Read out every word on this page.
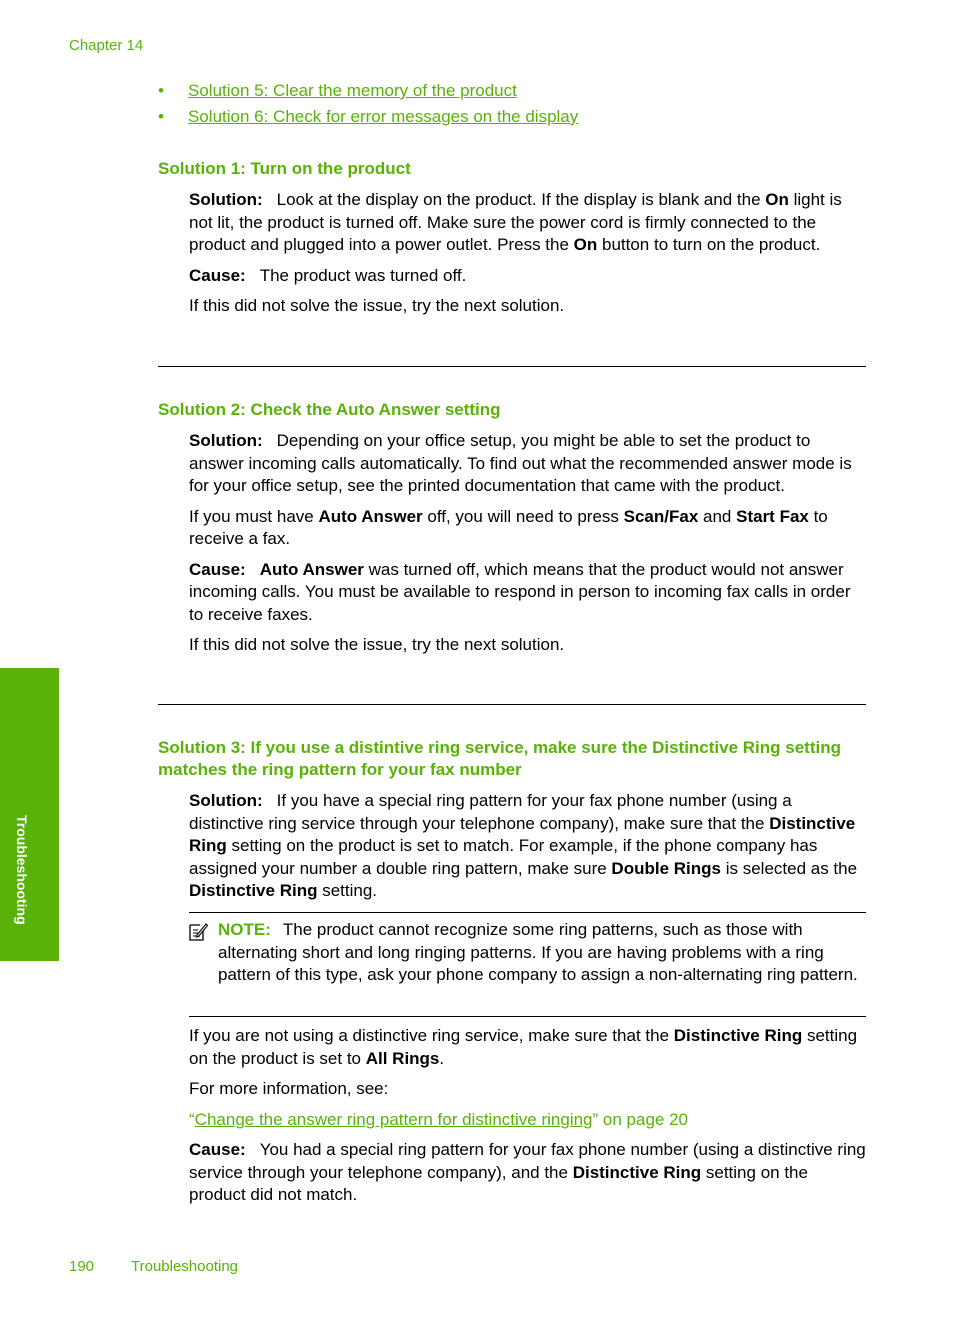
Chapter 14
•	Solution 5: Clear the memory of the product
•	Solution 6: Check for error messages on the display
Solution 1: Turn on the product

Solution: Look at the display on the product. If the display is blank and the On light is not lit, the product is turned off. Make sure the power cord is firmly connected to the product and plugged into a power outlet. Press the On button to turn on the product.

Cause: The product was turned off.

If this did not solve the issue, try the next solution.

Solution 2: Check the Auto Answer setting

Solution: Depending on your office setup, you might be able to set the product to answer incoming calls automatically. To find out what the recommended answer mode is for your office setup, see the printed documentation that came with the product.

If you must have Auto Answer off, you will need to press Scan/Fax and Start Fax to receive a fax.

Cause: Auto Answer was turned off, which means that the product would not answer incoming calls. You must be available to respond in person to incoming fax calls in order to receive faxes.

If this did not solve the issue, try the next solution.

Solution 3: If you use a distintive ring service, make sure the Distinctive Ring setting matches the ring pattern for your fax number

Solution: If you have a special ring pattern for your fax phone number (using a distinctive ring service through your telephone company), make sure that the Distinctive Ring setting on the product is set to match. For example, if the phone company has assigned your number a double ring pattern, make sure Double Rings is selected as the Distinctive Ring setting.

NOTE: The product cannot recognize some ring patterns, such as those with alternating short and long ringing patterns. If you are having problems with a ring pattern of this type, ask your phone company to assign a non-alternating ring pattern.

If you are not using a distinctive ring service, make sure that the Distinctive Ring setting on the product is set to All Rings.

For more information, see:

“Change the answer ring pattern for distinctive ringing” on page 20

Cause: You had a special ring pattern for your fax phone number (using a distinctive ring service through your telephone company), and the Distinctive Ring setting on the product did not match.

Troubleshooting
190 Troubleshooting
